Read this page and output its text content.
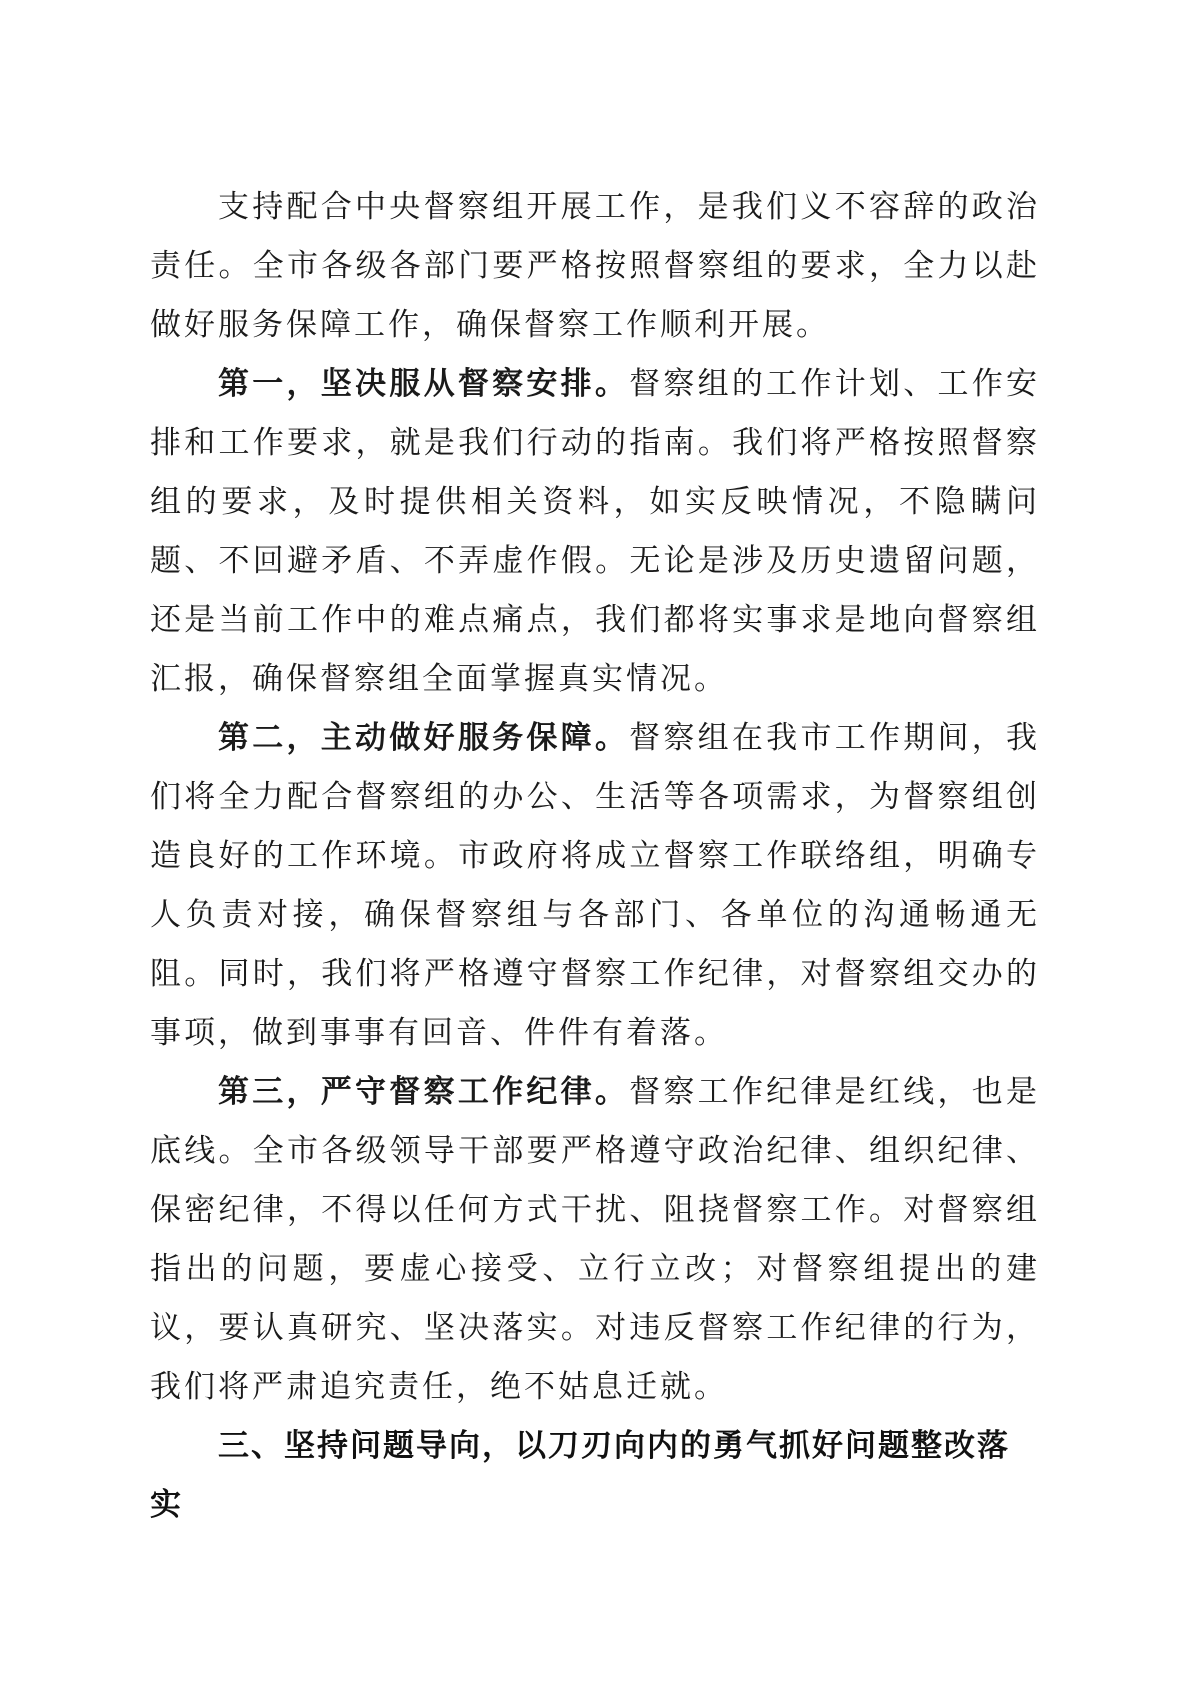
支持配合中央督察组开展工作，是我们义不容辞的政治责任。全市各级各部门要严格按照督察组的要求，全力以赴做好服务保障工作，确保督察工作顺利开展。

第一，坚决服从督察安排。督察组的工作计划、工作安排和工作要求，就是我们行动的指南。我们将严格按照督察组的要求，及时提供相关资料，如实反映情况，不隐瞒问题、不回避矛盾、不弄虚作假。无论是涉及历史遗留问题，还是当前工作中的难点痛点，我们都将实事求是地向督察组汇报，确保督察组全面掌握真实情况。

第二，主动做好服务保障。督察组在我市工作期间，我们将全力配合督察组的办公、生活等各项需求，为督察组创造良好的工作环境。市政府将成立督察工作联络组，明确专人负责对接，确保督察组与各部门、各单位的沟通畅通无阻。同时，我们将严格遵守督察工作纪律，对督察组交办的事项，做到事事有回音、件件有着落。

第三，严守督察工作纪律。督察工作纪律是红线，也是底线。全市各级领导干部要严格遵守政治纪律、组织纪律、保密纪律，不得以任何方式干扰、阻挠督察工作。对督察组指出的问题，要虚心接受、立行立改；对督察组提出的建议，要认真研究、坚决落实。对违反督察工作纪律的行为，我们将严肃追究责任，绝不姑息迁就。

三、坚持问题导向，以刀刃向内的勇气抓好问题整改落实
